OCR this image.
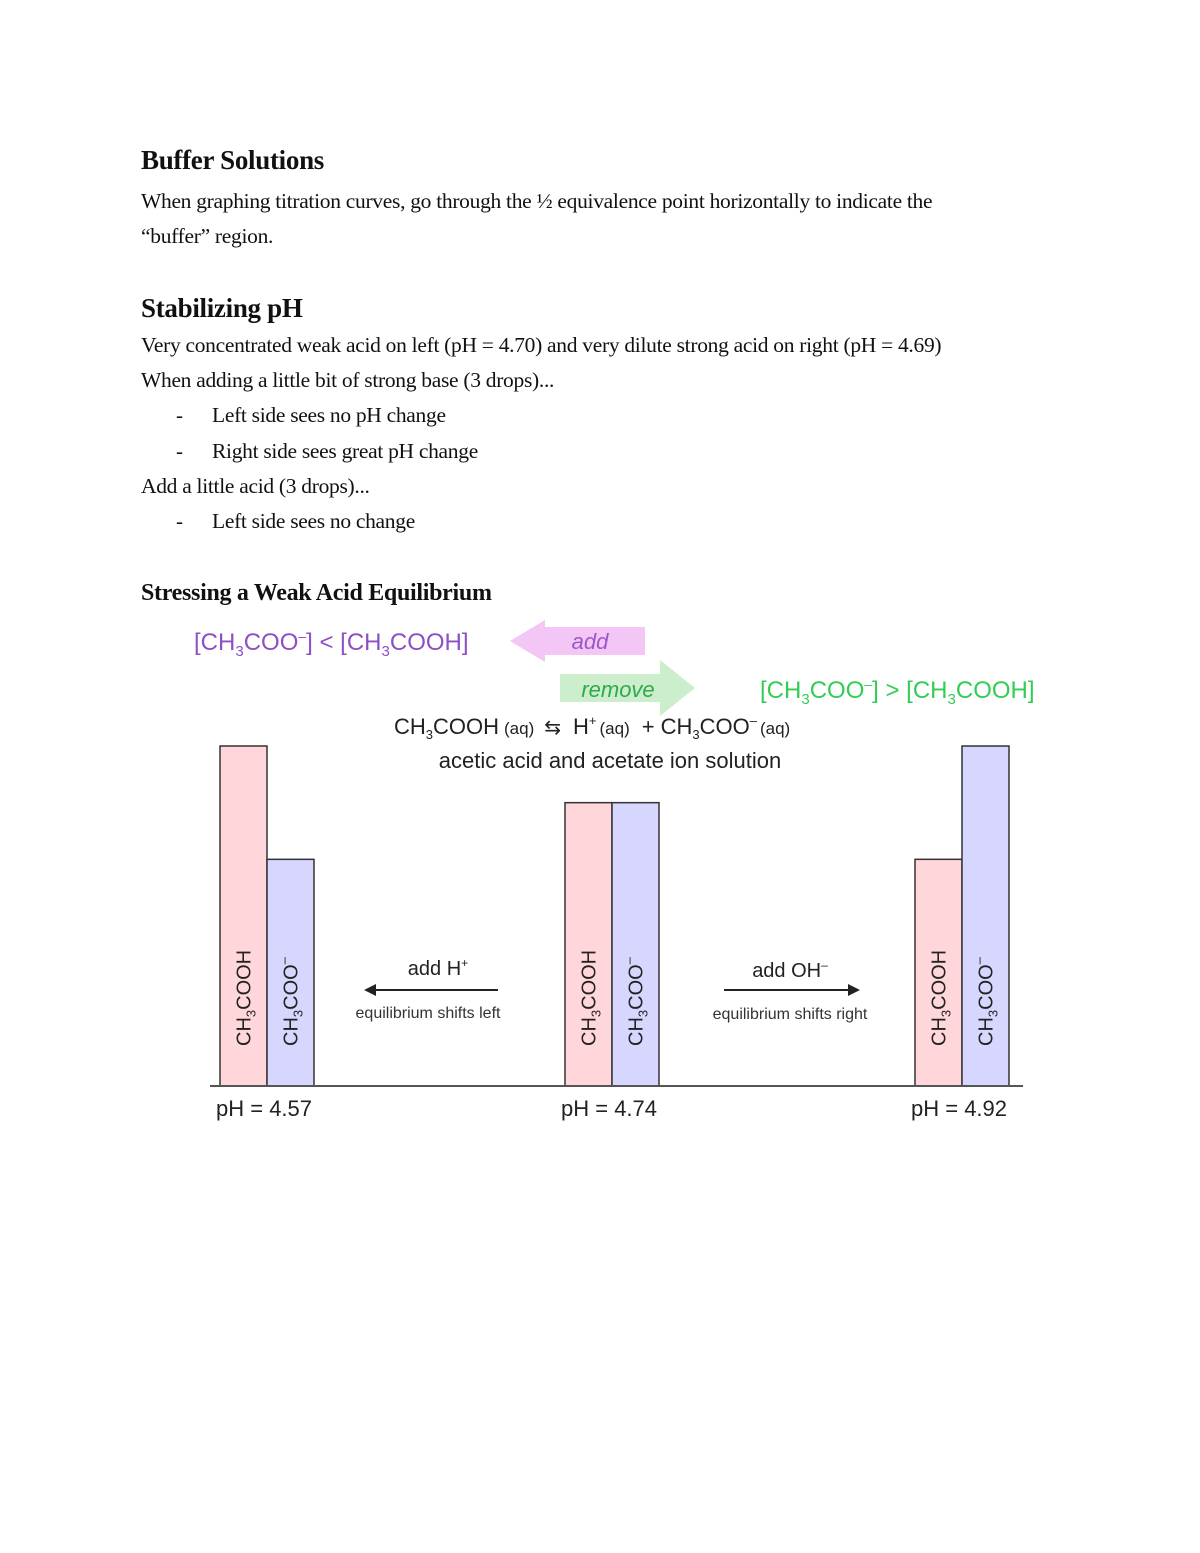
Buffer Solutions
When graphing titration curves, go through the ½ equivalence point horizontally to indicate the
“buffer” region.
Stabilizing pH
Very concentrated weak acid on left (pH = 4.70) and very dilute strong acid on right (pH = 4.69)
When adding a little bit of strong base (3 drops)...
- Left side sees no pH change
- Right side sees great pH change
Add a little acid (3 drops)...
- Left side sees no change
Stressing a Weak Acid Equilibrium
$[CH_3COO^-]$ < $[CH_3COOH]$	add
remove	$[CH_3COO^-]$ > $[CH_3COOH]$
$CH_3COOH$ (aq) ⇆ H+ $_{(aq)} + CH_3COO^-$ $_{(aq)}$
acetic acid and acetate ion solution
$CH_3COOH$
$CH_3COO^-$
pH = 4.57
$CH_3COOH$
$CH_3COO^-$
pH = 4.74
$CH_3COOH$
$CH_3COO^-$
pH = 4.92
add H+
equilibrium shifts left
add OH–
equilibrium shifts right
